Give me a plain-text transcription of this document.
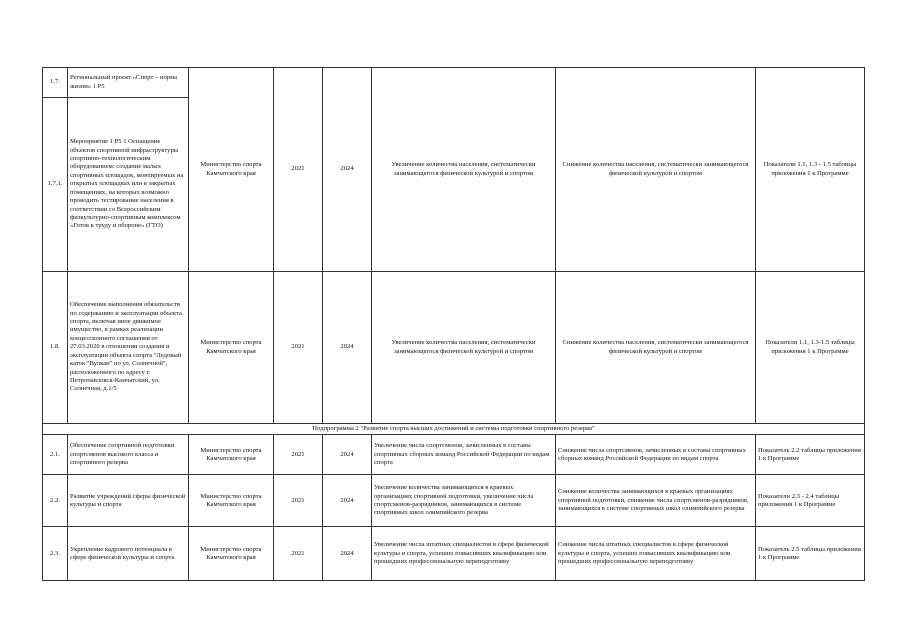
1.7.	Региональный проект «Спорт – норма жизни» 1 P5	Министерство спорта Камчатского края	2021	2024	Увеличение количества населения, систематически занимающегося физической культурой и спортом	Снижение количества населения, систематически занимающегося физической культурой и спортом	Показатели 1.1, 1.3 - 1.5 таблицы приложения 1 к Программе
1.7.1.	Мероприятие 1 P5 1 Оснащение объектов спортивной инфраструктуры спортивно-технологическим оборудованием: создание малых спортивных площадок, монтируемых на открытых площадках или в закрытых помещениях, на которых возможно проводить тестирование населения в соответствии со Всероссийским физкультурно-спортивным комплексом «Готов к труду и обороне» (ГТО)						
1.8.	Обеспечение выполнения обязательств по содержанию и эксплуатации объекта спорта, включая иное движимое имущество, в рамках реализации концессионного соглашения от 27.03.2020 в отношении создания и эксплуатации объекта спорта "Ледовый каток "Вулкан" по ул. Солнечной", расположенного по адресу г. Петропавловск-Камчатский, ул. Солнечная, д.1/5	Министерство спорта Камчатского края	2021	2024	Увеличение количества населения, систематически занимающегося физической культурой и спортом	Снижение количества населения, систематически занимающегося физической культурой и спортом	Показатели 1.1, 1.3-1.5 таблицы приложения 1 к Программе
Подпрограмма 2 "Развитие спорта высших достижений и системы подготовки спортивного резерва"							
2.1.	Обеспечение спортивной подготовки спортсменов высокого класса и спортивного резерва	Министерство спорта Камчатского края	2021	2024	Увеличение числа спортсменов, зачисленных в составы спортивных сборных команд Российской Федерации по видам спорта	Снижение числа спортсменов, зачисленных в составы спортивных сборных команд Российской Федерации по видам спорта	Показатель 2.2 таблицы приложения 1 к Программе
2.2.	Развитие учреждений сферы физической культуры и спорта	Министерство спорта Камчатского края	2021	2024	Увеличение количества занимающихся в краевых организациях спортивной подготовки, увеличение числа спортсменов-разрядников, занимающихся в системе спортивных школ олимпийского резерва	Снижение количества занимающихся в краевых организациях спортивной подготовки, снижение числа спортсменов-разрядников, занимающихся в системе спортивных школ олимпийского резерва	Показатели 2.3 - 2.4 таблицы приложения 1 к Программе
2.3.	Укрепление кадрового потенциала в сфере физической культуры и спорта	Министерство спорта Камчатского края	2021	2024	Увеличение числа штатных специалистов в сфере физической культуры и спорта, успешно повысивших квалификацию или прошедших профессиональную переподготовку	Снижение числа штатных специалистов в сфере физической культуры и спорта, успешно повысивших квалификацию или прошедших профессиональную переподготовку	Показатель 2.5 таблицы приложения 1 к Программе
